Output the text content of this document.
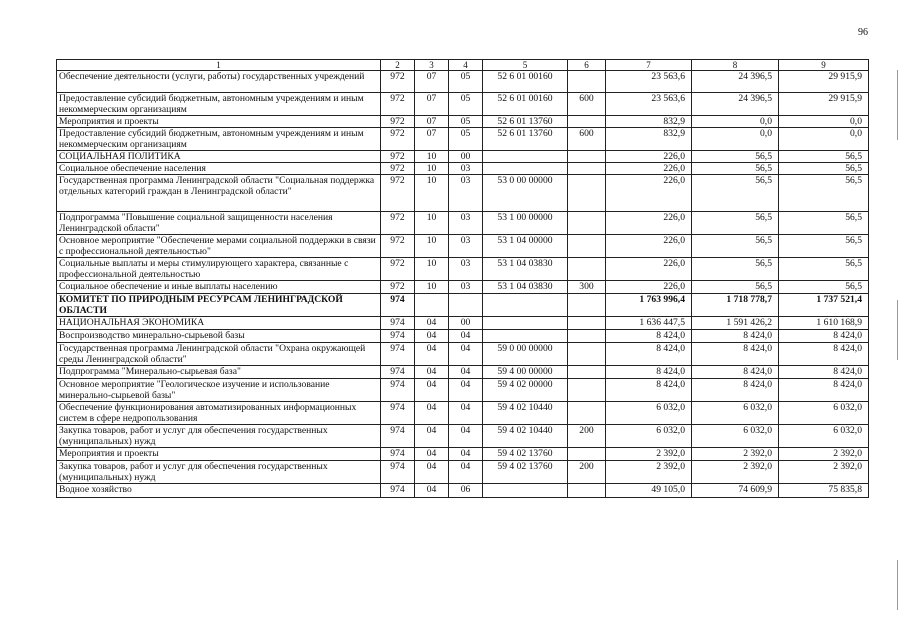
96
1	2	3	4	5	6	7	8	9
Обеспечение деятельности (услуги, работы) государственных учреждений	972	07	05	52 6 01 00160		23 563,6	24 396,5	29 915,9
Предоставление субсидий бюджетным, автономным учреждениям и иным некоммерческим организациям	972	07	05	52 6 01 00160	600	23 563,6	24 396,5	29 915,9
Мероприятия и проекты	972	07	05	52 6 01 13760		832,9	0,0	0,0
Предоставление субсидий бюджетным, автономным учреждениям и иным некоммерческим организациям	972	07	05	52 6 01 13760	600	832,9	0,0	0,0
СОЦИАЛЬНАЯ ПОЛИТИКА	972	10	00			226,0	56,5	56,5
Социальное обеспечение населения	972	10	03			226,0	56,5	56,5
Государственная программа Ленинградской области "Социальная поддержка отдельных категорий граждан в Ленинградской области"	972	10	03	53 0 00 00000		226,0	56,5	56,5
Подпрограмма "Повышение социальной защищенности населения Ленинградской области"	972	10	03	53 1 00 00000		226,0	56,5	56,5
Основное мероприятие "Обеспечение мерами социальной поддержки в связи с профессиональной деятельностью"	972	10	03	53 1 04 00000		226,0	56,5	56,5
Социальные выплаты и меры стимулирующего характера, связанные с профессиональной деятельностью	972	10	03	53 1 04 03830		226,0	56,5	56,5
Социальное обеспечение и иные выплаты населению	972	10	03	53 1 04 03830	300	226,0	56,5	56,5
КОМИТЕТ ПО ПРИРОДНЫМ РЕСУРСАМ ЛЕНИНГРАДСКОЙ ОБЛАСТИ	974					1 763 996,4	1 718 778,7	1 737 521,4
НАЦИОНАЛЬНАЯ ЭКОНОМИКА	974	04	00			1 636 447,5	1 591 426,2	1 610 168,9
Воспроизводство минерально-сырьевой базы	974	04	04			8 424,0	8 424,0	8 424,0
Государственная программа Ленинградской области "Охрана окружающей среды Ленинградской области"	974	04	04	59 0 00 00000		8 424,0	8 424,0	8 424,0
Подпрограмма "Минерально-сырьевая база"	974	04	04	59 4 00 00000		8 424,0	8 424,0	8 424,0
Основное мероприятие "Геологическое изучение и использование минерально-сырьевой базы"	974	04	04	59 4 02 00000		8 424,0	8 424,0	8 424,0
Обеспечение функционирования автоматизированных информационных систем в сфере недропользования	974	04	04	59 4 02 10440		6 032,0	6 032,0	6 032,0
Закупка товаров, работ и услуг для обеспечения государственных (муниципальных) нужд	974	04	04	59 4 02 10440	200	6 032,0	6 032,0	6 032,0
Мероприятия и проекты	974	04	04	59 4 02 13760		2 392,0	2 392,0	2 392,0
Закупка товаров, работ и услуг для обеспечения государственных (муниципальных) нужд	974	04	04	59 4 02 13760	200	2 392,0	2 392,0	2 392,0
Водное хозяйство	974	04	06			49 105,0	74 609,9	75 835,8
